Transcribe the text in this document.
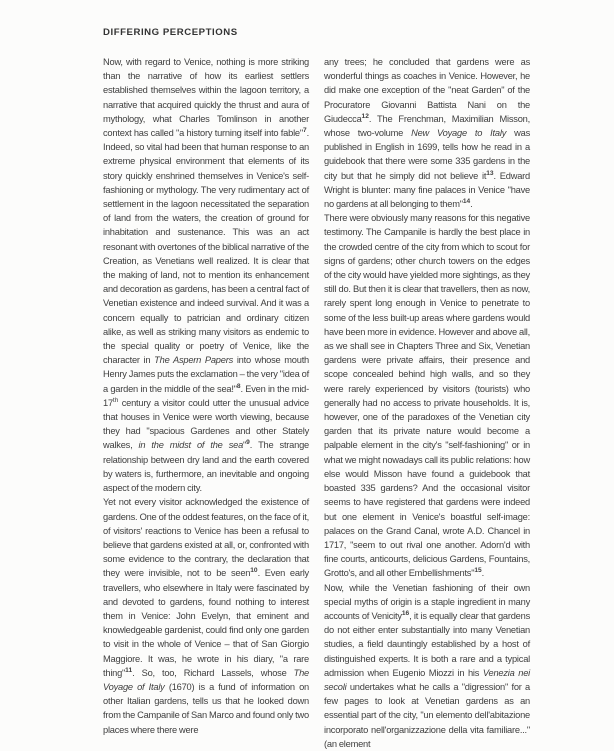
DIFFERING PERCEPTIONS

Now, with regard to Venice, nothing is more striking than the narrative of how its earliest settlers established themselves within the lagoon territory, a narrative that acquired quickly the thrust and aura of mythology, what Charles Tomlinson in another context has called "a history turning itself into fable"$^7$. Indeed, so vital had been that human response to an extreme physical environment that elements of its story quickly enshrined themselves in Venice's self-fashioning or mythology. The very rudimentary act of settlement in the lagoon necessitated the separation of land from the waters, the creation of ground for inhabitation and sustenance. This was an act resonant with overtones of the biblical narrative of the Creation, as Venetians well realized. It is clear that the making of land, not to mention its enhancement and decoration as gardens, has been a central fact of Venetian existence and indeed survival. And it was a concern equally to patrician and ordinary citizen alike, as well as striking many visitors as endemic to the special quality or poetry of Venice, like the character in The Aspern Papers into whose mouth Henry James puts the exclamation – the very "idea of a garden in the middle of the sea!"$^8$. Even in the mid-17th century a visitor could utter the unusual advice that houses in Venice were worth viewing, because they had "spacious Gardenes and other Stately walkes, in the midst of the sea"$^9$. The strange relationship between dry land and the earth covered by waters is, furthermore, an inevitable and ongoing aspect of the modern city.

Yet not every visitor acknowledged the existence of gardens. One of the oddest features, on the face of it, of visitors' reactions to Venice has been a refusal to believe that gardens existed at all, or, confronted with some evidence to the contrary, the declaration that they were invisible, not to be seen$^{10}$. Even early travellers, who elsewhere in Italy were fascinated by and devoted to gardens, found nothing to interest them in Venice: John Evelyn, that eminent and knowledgeable gardenist, could find only one garden to visit in the whole of Venice – that of San Giorgio Maggiore. It was, he wrote in his diary, "a rare thing"$^{11}$. So, too, Richard Lassels, whose The Voyage of Italy (1670) is a fund of information on other Italian gardens, tells us that he looked down from the Campanile of San Marco and found only two places where there were

any trees; he concluded that gardens were as wonderful things as coaches in Venice. However, he did make one exception of the "neat Garden" of the Procuratore Giovanni Battista Nani on the Giudecca$^{12}$. The Frenchman, Maximilian Misson, whose two-volume New Voyage to Italy was published in English in 1699, tells how he read in a guidebook that there were some 335 gardens in the city but that he simply did not believe it$^{13}$. Edward Wright is blunter: many fine palaces in Venice "have no gardens at all belonging to them"$^{14}$.

There were obviously many reasons for this negative testimony. The Campanile is hardly the best place in the crowded centre of the city from which to scout for signs of gardens; other church towers on the edges of the city would have yielded more sightings, as they still do. But then it is clear that travellers, then as now, rarely spent long enough in Venice to penetrate to some of the less built-up areas where gardens would have been more in evidence. However and above all, as we shall see in Chapters Three and Six, Venetian gardens were private affairs, their presence and scope concealed behind high walls, and so they were rarely experienced by visitors (tourists) who generally had no access to private households. It is, however, one of the paradoxes of the Venetian city garden that its private nature would become a palpable element in the city's "self-fashioning" or in what we might nowadays call its public relations: how else would Misson have found a guidebook that boasted 335 gardens? And the occasional visitor seems to have registered that gardens were indeed but one element in Venice's boastful self-image: palaces on the Grand Canal, wrote A.D. Chancel in 1717, "seem to out rival one another. Adorn'd with fine courts, anticourts, delicious Gardens, Fountains, Grotto's, and all other Embellishments"$^{15}$.

Now, while the Venetian fashioning of their own special myths of origin is a staple ingredient in many accounts of Venicity$^{16}$, it is equally clear that gardens do not either enter substantially into many Venetian studies, a field dauntingly established by a host of distinguished experts. It is both a rare and a typical admission when Eugenio Miozzi in his Venezia nei secoli undertakes what he calls a "digression" for a few pages to look at Venetian gardens as an essential part of the city, "un elemento dell'abitazione incorporato nell'organizzazione della vita familiare..." (an element
